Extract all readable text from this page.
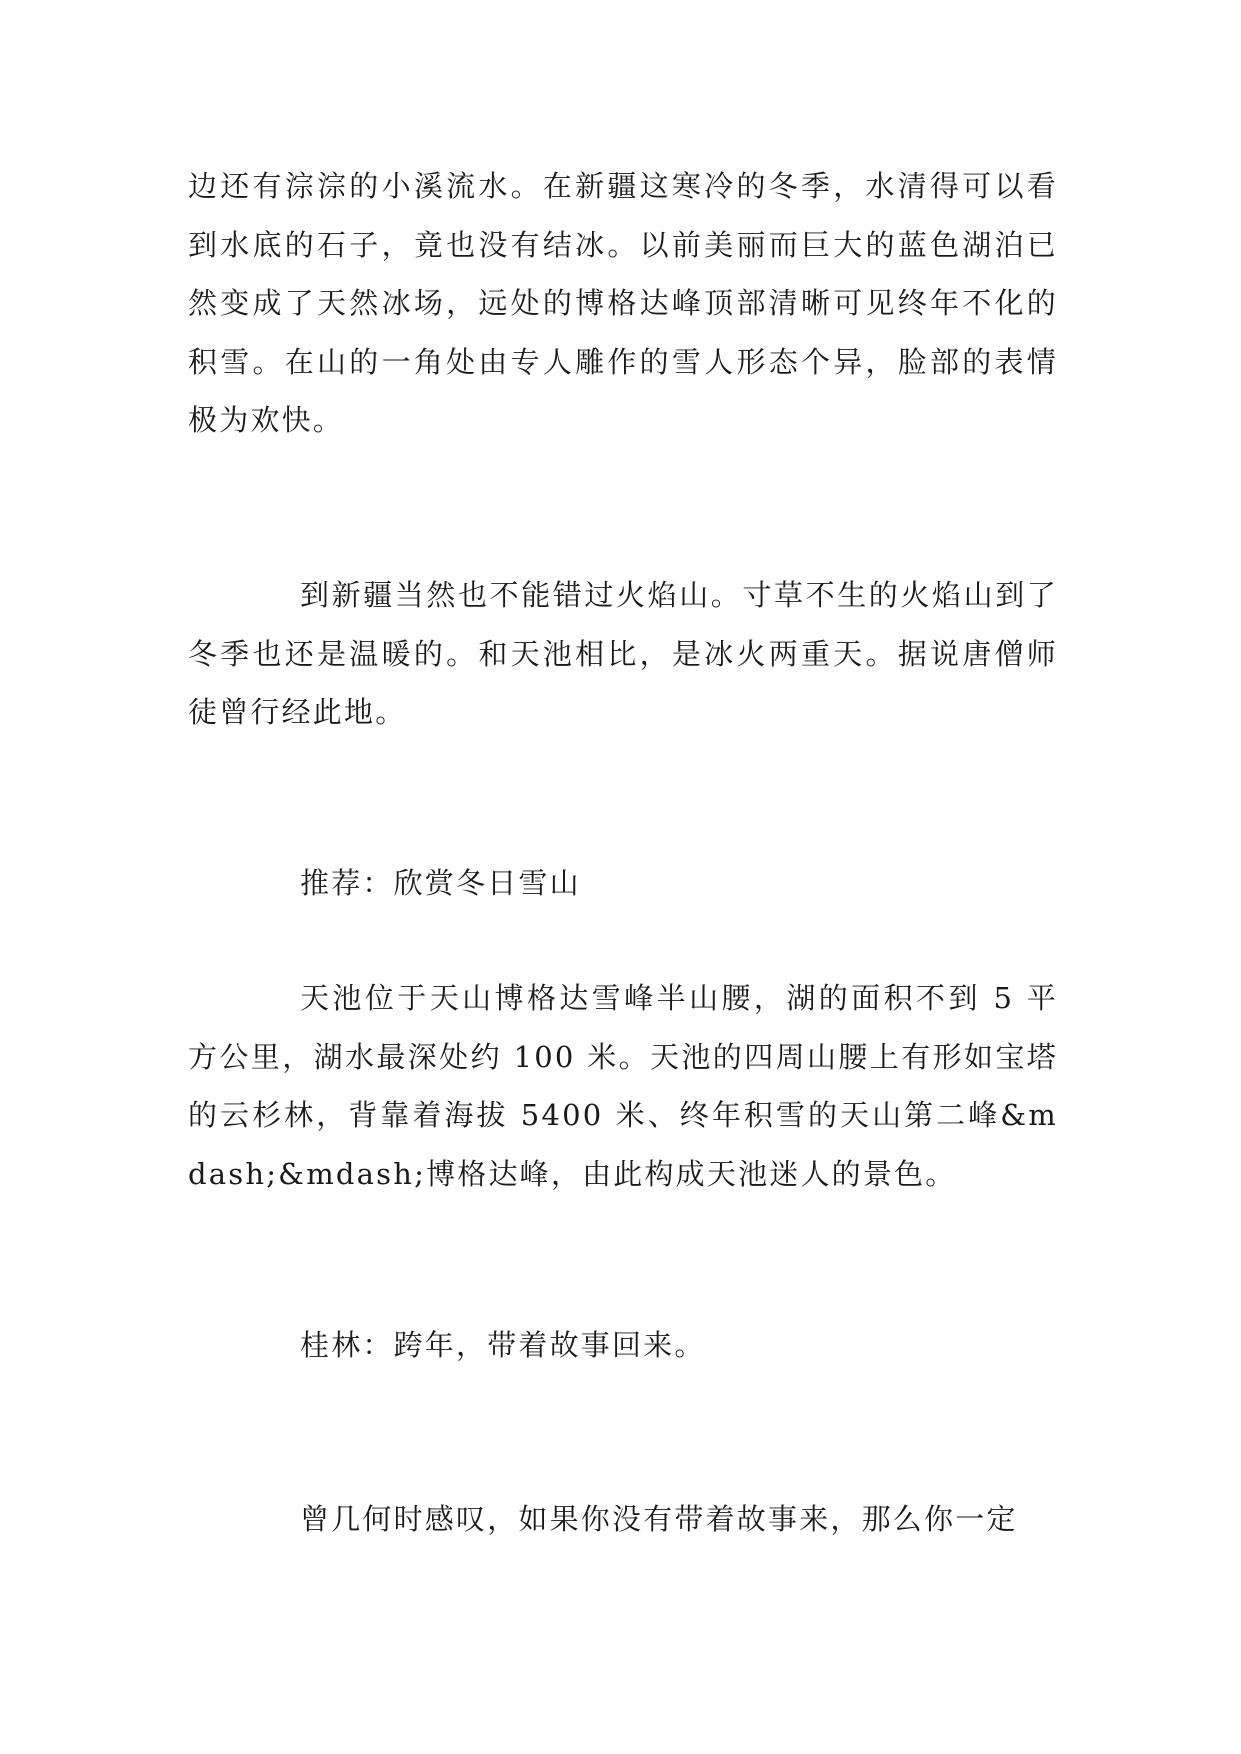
边还有淙淙的小溪流水。在新疆这寒冷的冬季，水清得可以看到水底的石子，竟也没有结冰。以前美丽而巨大的蓝色湖泊已然变成了天然冰场，远处的博格达峰顶部清晰可见终年不化的积雪。在山的一角处由专人雕作的雪人形态个异，脸部的表情极为欢快。

到新疆当然也不能错过火焰山。寸草不生的火焰山到了冬季也还是温暖的。和天池相比，是冰火两重天。据说唐僧师徒曾行经此地。

推荐：欣赏冬日雪山

天池位于天山博格达雪峰半山腰，湖的面积不到 5 平方公里，湖水最深处约 100 米。天池的四周山腰上有形如宝塔的云杉林，背靠着海拔 5400 米、终年积雪的天山第二峰&mdash;&mdash;博格达峰，由此构成天池迷人的景色。

桂林：跨年，带着故事回来。

曾几何时感叹，如果你没有带着故事来，那么你一定
